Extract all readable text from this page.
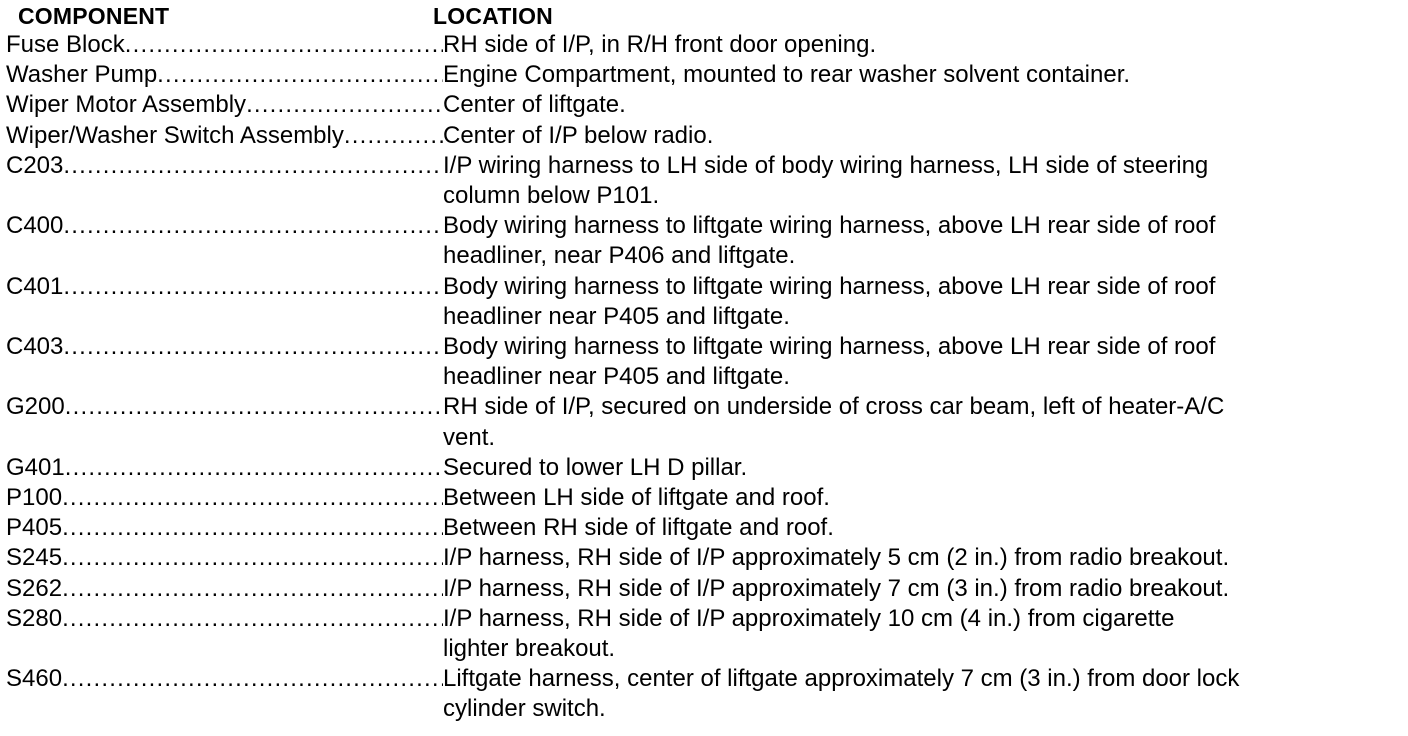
COMPONENT	LOCATION
Fuse Block .....	RH side of I/P, in R/H front door opening.
Washer Pump .....	Engine Compartment, mounted to rear washer solvent container.
Wiper Motor Assembly .....	Center of liftgate.
Wiper/Washer Switch Assembly .....	Center of I/P below radio.
C203 .....	I/P wiring harness to LH side of body wiring harness, LH side of steering
column below P101.
C400 .....	Body wiring harness to liftgate wiring harness, above LH rear side of roof
headliner, near P406 and liftgate.
C401 .....	Body wiring harness to liftgate wiring harness, above LH rear side of roof
headliner near P405 and liftgate.
C403 .....	Body wiring harness to liftgate wiring harness, above LH rear side of roof
headliner near P405 and liftgate.
G200 .....	RH side of I/P, secured on underside of cross car beam, left of heater-A/C
vent.
G401 .....	Secured to lower LH D pillar.
P100 .....	Between LH side of liftgate and roof.
P405 .....	Between RH side of liftgate and roof.
S245 .....	I/P harness, RH side of I/P approximately 5 cm (2 in.) from radio breakout.
S262 .....	I/P harness, RH side of I/P approximately 7 cm (3 in.) from radio breakout.
S280 .....	I/P harness, RH side of I/P approximately 10 cm (4 in.) from cigarette
lighter breakout.
S460 .....	Liftgate harness, center of liftgate approximately 7 cm (3 in.) from door lock
cylinder switch.
